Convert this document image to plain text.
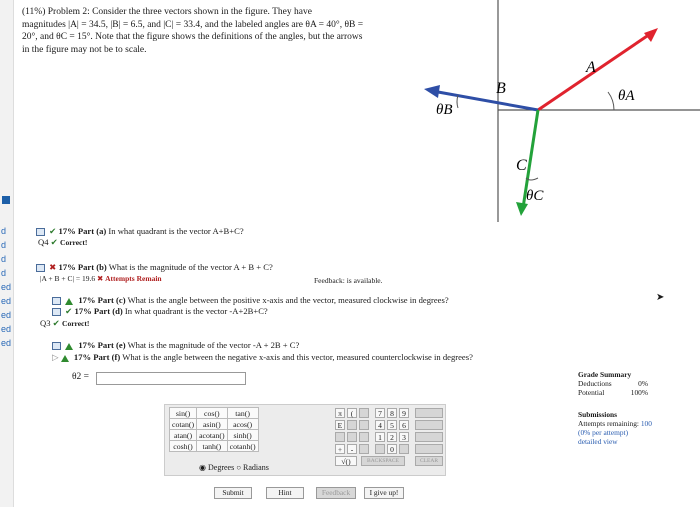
d
d
d
d
ed
ed
ed
ed
ed
(11%) Problem 2: Consider the three vectors shown in the figure. They have
magnitudes |A| = 34.5, |B| = 6.5, and |C| = 33.4, and the labeled angles are θA = 40°, θB =
20°, and θC = 15°. Note that the figure shows the definitions of the angles, but the arrows
in the figure may not be to scale.
A
B
C
θA
θB
θC
✔ 17% Part (a) In what quadrant is the vector A+B+C?
Q4 ✔ Correct!
✖ 17% Part (b) What is the magnitude of the vector A + B + C?
|A + B + C| = 19.6 ✖ Attempts Remain	Feedback: is available.
17% Part (c) What is the angle between the positive x-axis and the vector, measured clockwise in degrees?
✔ 17% Part (d) In what quadrant is the vector -A+2B+C?
Q3 ✔ Correct!
17% Part (e) What is the magnitude of the vector -A + 2B + C?
▷ 17% Part (f) What is the angle between the negative x-axis and this vector, measured counterclockwise in degrees?
θ2 =
sin()	cos()	tan()
cotan()	asin()	acos()
atan()	acotan()	sinh()
cosh()	tanh()	cotanh()
◉ Degrees ○ Radians
π	(
E
+	-
√()
7	8	9
4	5	6
1	2	3
0
BACKSPACE	CLEAR
Submit	Hint	Feedback	I give up!
Grade Summary
Deductions	0%
Potential	100%
Submissions
Attempts remaining: 100
(0% per attempt)
detailed view
➤
